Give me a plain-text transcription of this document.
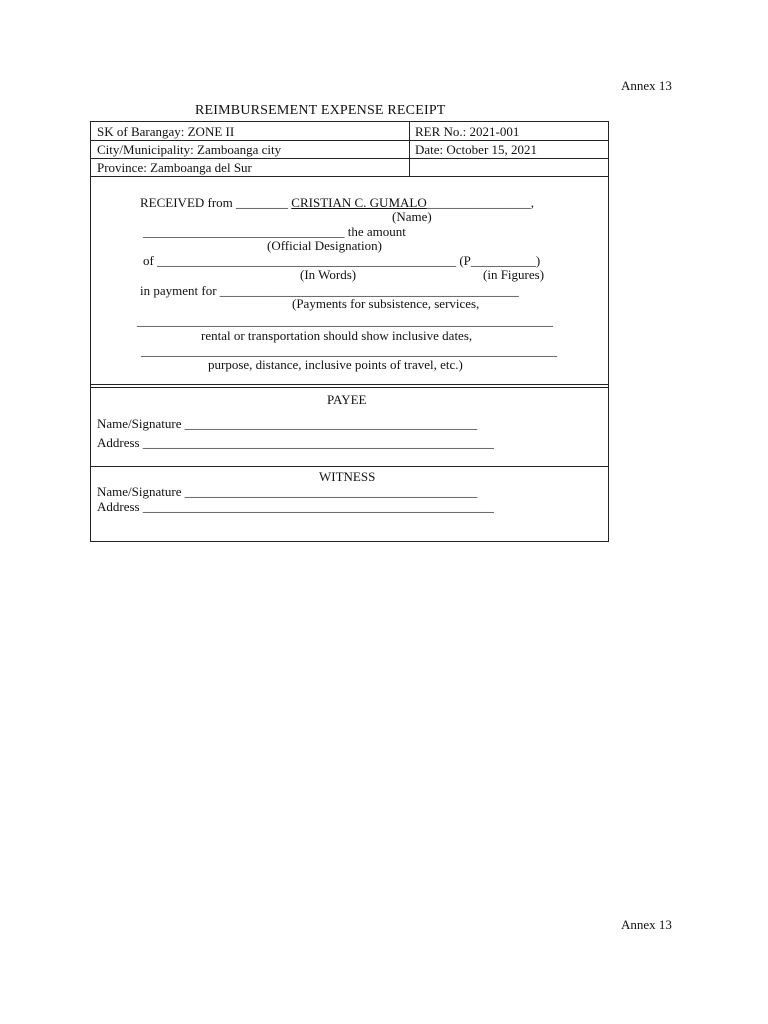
Annex 13
REIMBURSEMENT EXPENSE RECEIPT
SK of Barangay: ZONE II	RER No.: 2021-001
City/Municipality: Zamboanga city	Date: October 15, 2021
Province: Zamboanga del Sur
RECEIVED from ________ CRISTIAN C. GUMALO________________,
(Name)
_______________________________ the amount
(Official Designation)
of ______________________________________________ (P__________)
(In Words)	(in Figures)
in payment for ______________________________________________
(Payments for subsistence, services,
________________________________________________________________
rental or transportation should show inclusive dates,
________________________________________________________________
purpose, distance, inclusive points of travel, etc.)
PAYEE
Name/Signature _____________________________________________
Address ______________________________________________________
WITNESS
Name/Signature _____________________________________________
Address ______________________________________________________
Annex 13
